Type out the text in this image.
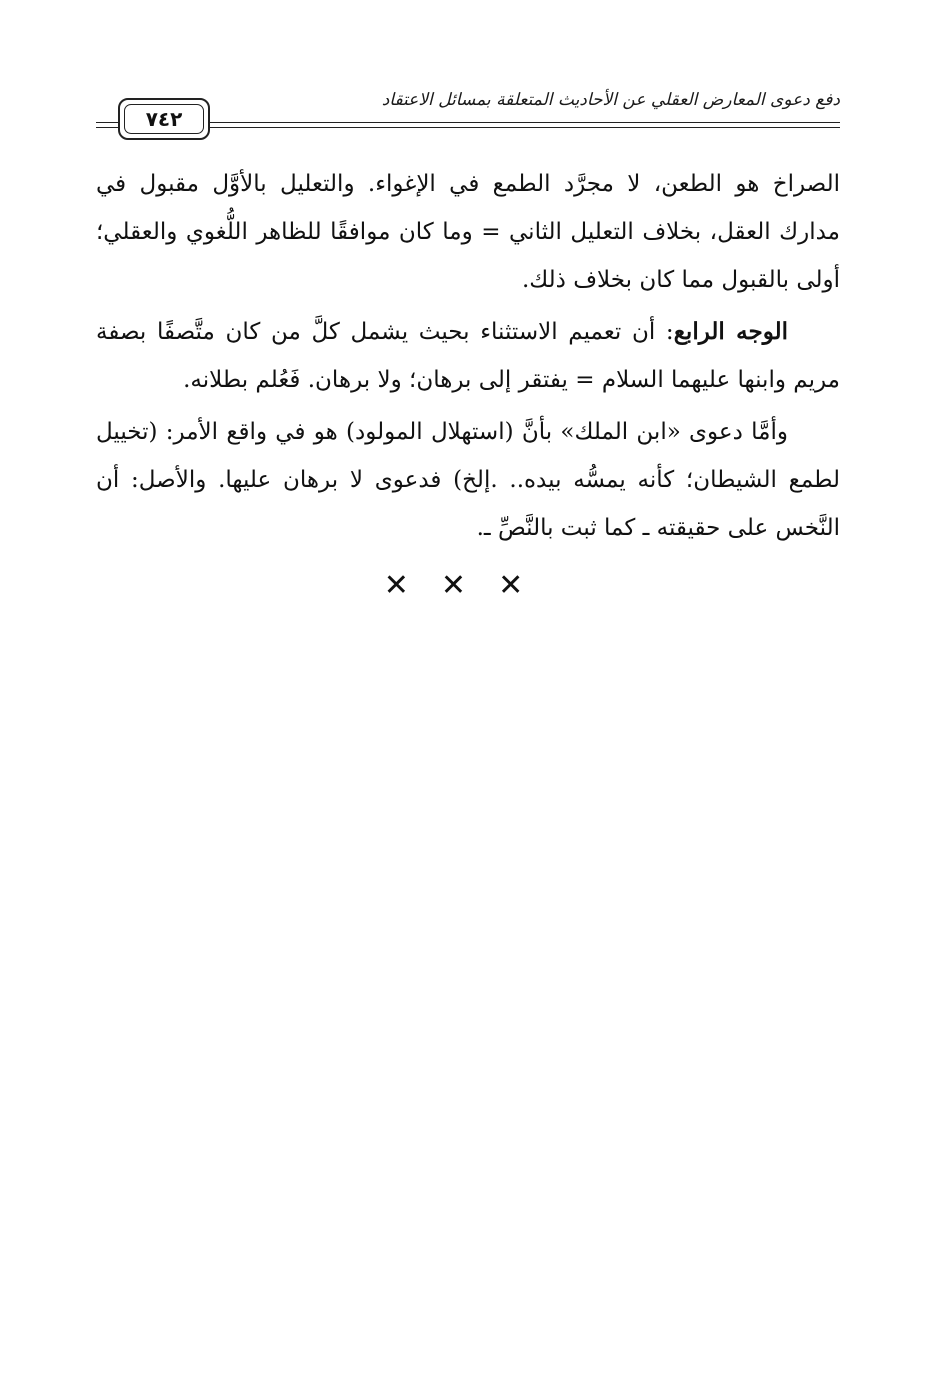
دفع دعوى المعارض العقلي عن الأحاديث المتعلقة بمسائل الاعتقاد
٧٤٢

الصراخ هو الطعن، لا مجرَّد الطمع في الإغواء. والتعليل بالأوَّل مقبول في مدارك العقل، بخلاف التعليل الثاني = وما كان موافقًا للظاهر اللُّغوي والعقلي؛ أولى بالقبول مما كان بخلاف ذلك.

الوجه الرابع: أن تعميم الاستثناء بحيث يشمل كلَّ من كان متَّصفًا بصفة مريم وابنها عليهما السلام = يفتقر إلى برهان؛ ولا برهان. فَعُلم بطلانه.

وأمَّا دعوى «ابن الملك» بأنَّ (استهلال المولود) هو في واقع الأمر: (تخييل لطمع الشيطان؛ كأنه يمسُّه بيده.. .إلخ) فدعوى لا برهان عليها. والأصل: أن النَّخس على حقيقته ـ كما ثبت بالنَّصِّ ـ.

✕✕✕
